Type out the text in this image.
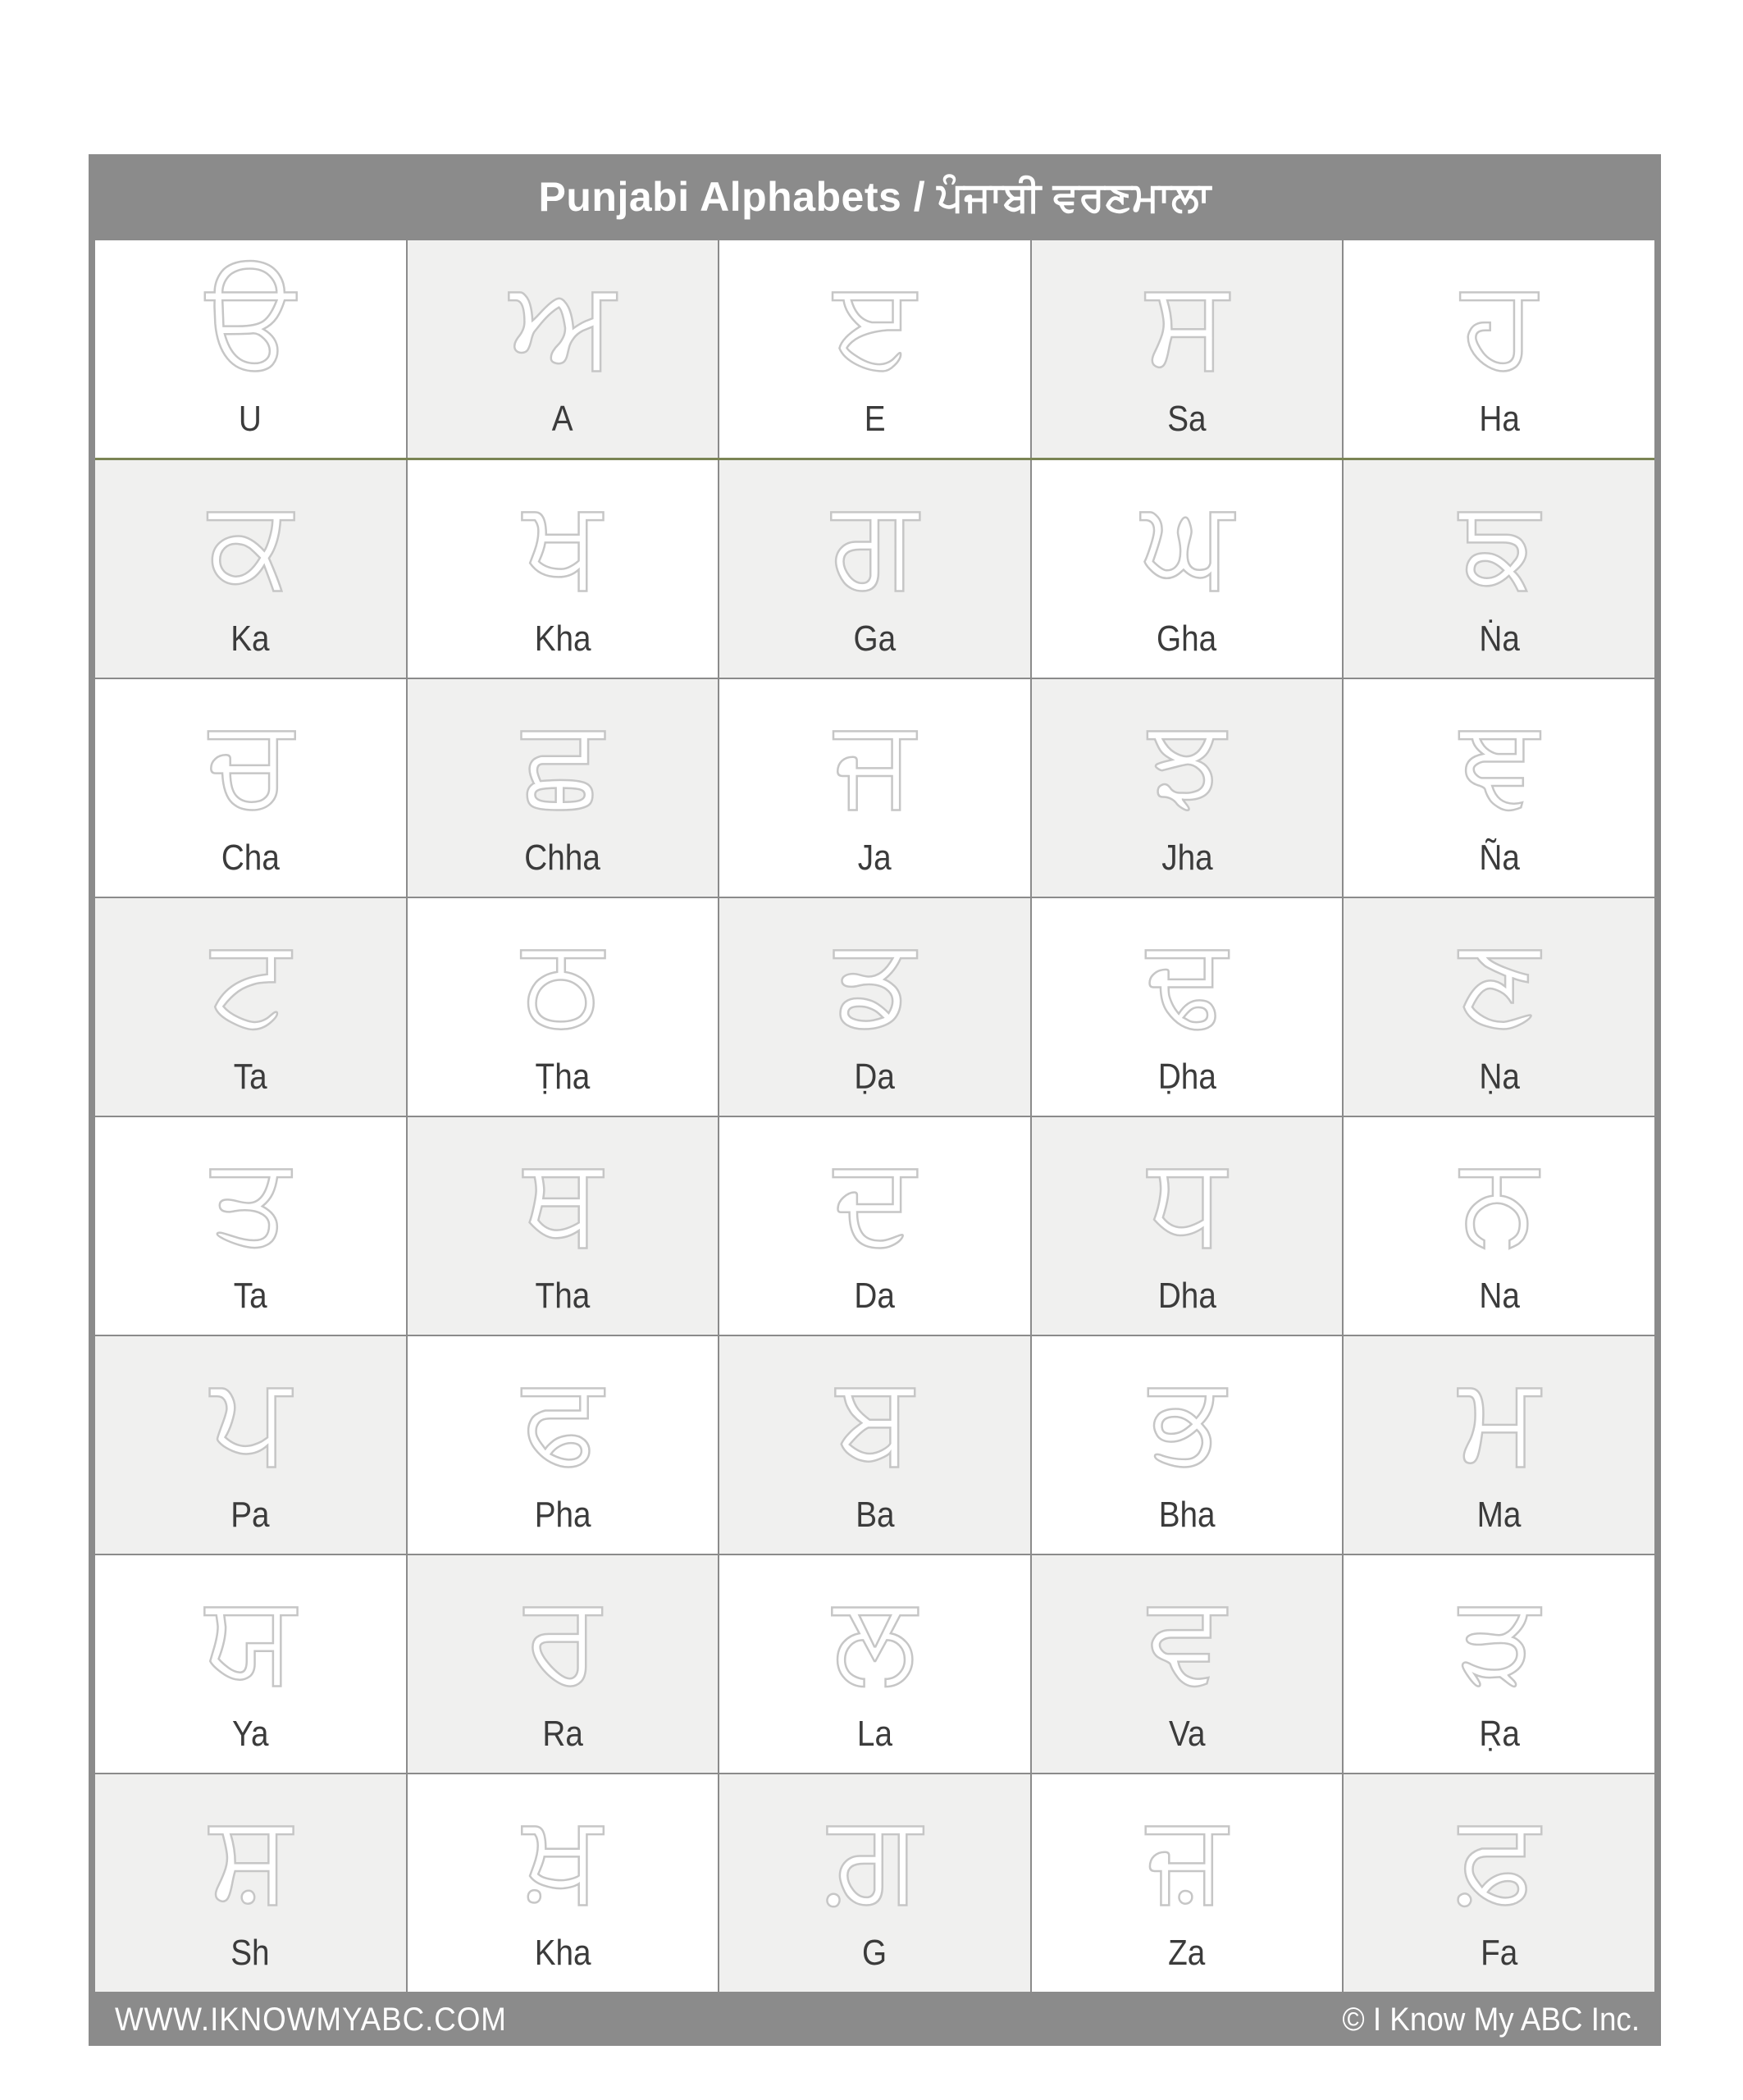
Punjabi Alphabets / ਪੰਜਾਬੀ ਵਰਣਮਾਲਾ
ੳ
U
ਅ
A
ੲ
E
ਸ
Sa
ਹ
Ha
ਕ
Ka
ਖ
Kha
ਗ
Ga
ਘ
Gha
ਙ
Ṅa
ਚ
Cha
ਛ
Chha
ਜ
Ja
ਝ
Jha
ਞ
Ña
ਟ
Ta
ਠ
Ṭha
ਡ
Ḍa
ਢ
Ḍha
ਣ
Ṇa
ਤ
Ta
ਥ
Tha
ਦ
Da
ਧ
Dha
ਨ
Na
ਪ
Pa
ਫ
Pha
ਬ
Ba
ਭ
Bha
ਮ
Ma
ਯ
Ya
ਰ
Ra
ਲ
La
ਵ
Va
ੜ
Ṛa
ਸ਼
Sh
ਖ਼
Kha
ਗ਼
G
ਜ਼
Za
ਫ਼
Fa
WWW.IKNOWMYABC.COM	© I Know My ABC Inc.
